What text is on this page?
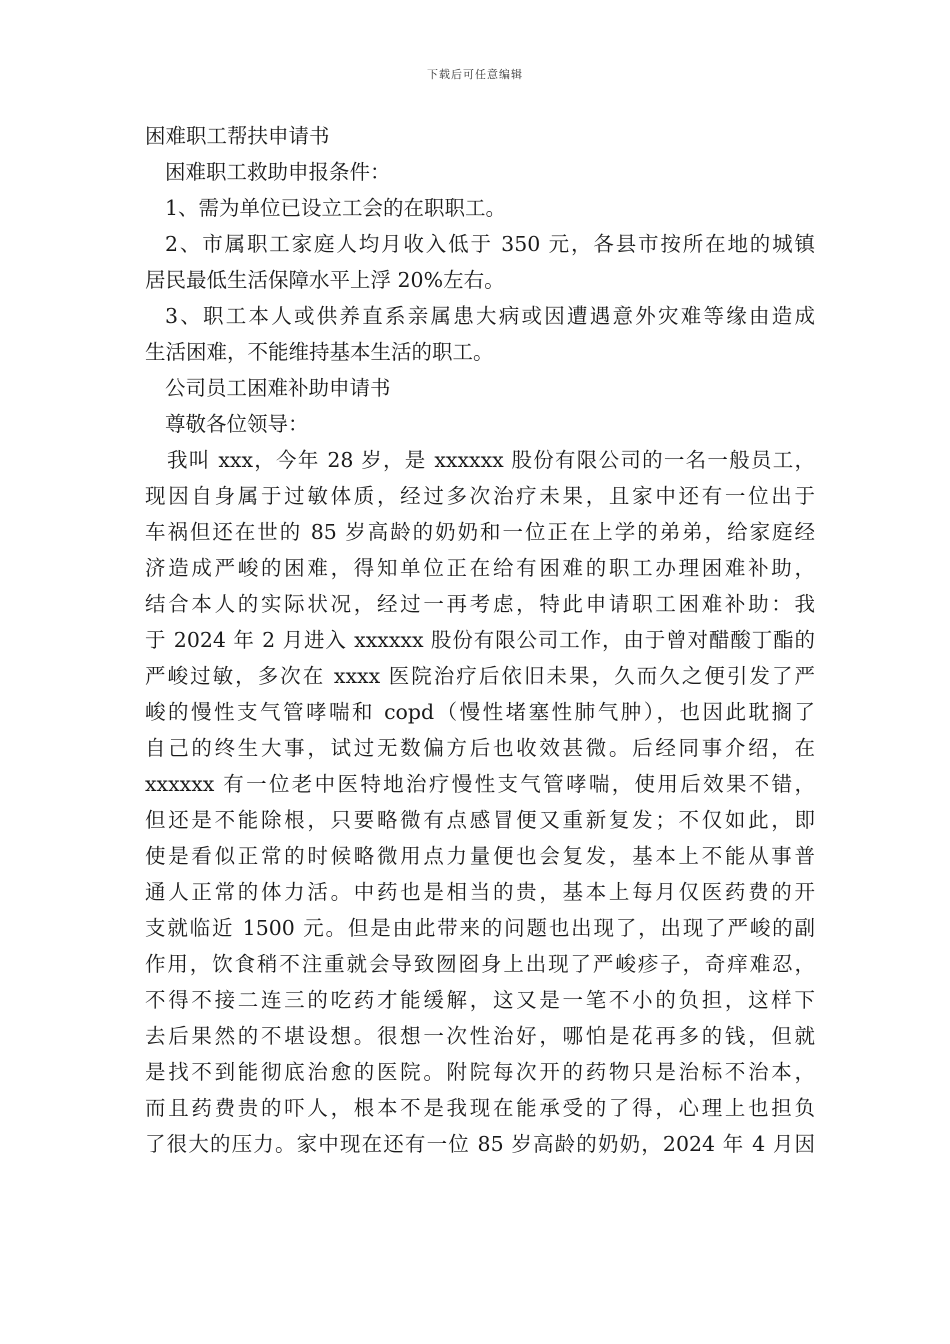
下载后可任意编辑
困难职工帮扶申请书
困难职工救助申报条件：
1、需为单位已设立工会的在职职工。
2、市属职工家庭人均月收入低于 350 元，各县市按所在地的城镇
居民最低生活保障水平上浮 20%左右。
3、职工本人或供养直系亲属患大病或因遭遇意外灾难等缘由造成
生活困难，不能维持基本生活的职工。
公司员工困难补助申请书
尊敬各位领导：
我叫 xxx，今年 28 岁，是 xxxxxx 股份有限公司的一名一般员工，
现因自身属于过敏体质，经过多次治疗未果，且家中还有一位出于
车祸但还在世的 85 岁高龄的奶奶和一位正在上学的弟弟，给家庭经
济造成严峻的困难，得知单位正在给有困难的职工办理困难补助，
结合本人的实际状况，经过一再考虑，特此申请职工困难补助：我
于 2024 年 2 月进入 xxxxxx 股份有限公司工作，由于曾对醋酸丁酯的
严峻过敏，多次在 xxxx 医院治疗后依旧未果，久而久之便引发了严
峻的慢性支气管哮喘和 copd（慢性堵塞性肺气肿），也因此耽搁了
自己的终生大事，试过无数偏方后也收效甚微。后经同事介绍，在
xxxxxx 有一位老中医特地治疗慢性支气管哮喘，使用后效果不错，
但还是不能除根，只要略微有点感冒便又重新复发；不仅如此，即
使是看似正常的时候略微用点力量便也会复发，基本上不能从事普
通人正常的体力活。中药也是相当的贵，基本上每月仅医药费的开
支就临近 1500 元。但是由此带来的问题也出现了，出现了严峻的副
作用，饮食稍不注重就会导致囫囵身上出现了严峻疹子，奇痒难忍，
不得不接二连三的吃药才能缓解，这又是一笔不小的负担，这样下
去后果然的不堪设想。很想一次性治好，哪怕是花再多的钱，但就
是找不到能彻底治愈的医院。附院每次开的药物只是治标不治本，
而且药费贵的吓人，根本不是我现在能承受的了得，心理上也担负
了很大的压力。家中现在还有一位 85 岁高龄的奶奶，2024 年 4 月因
